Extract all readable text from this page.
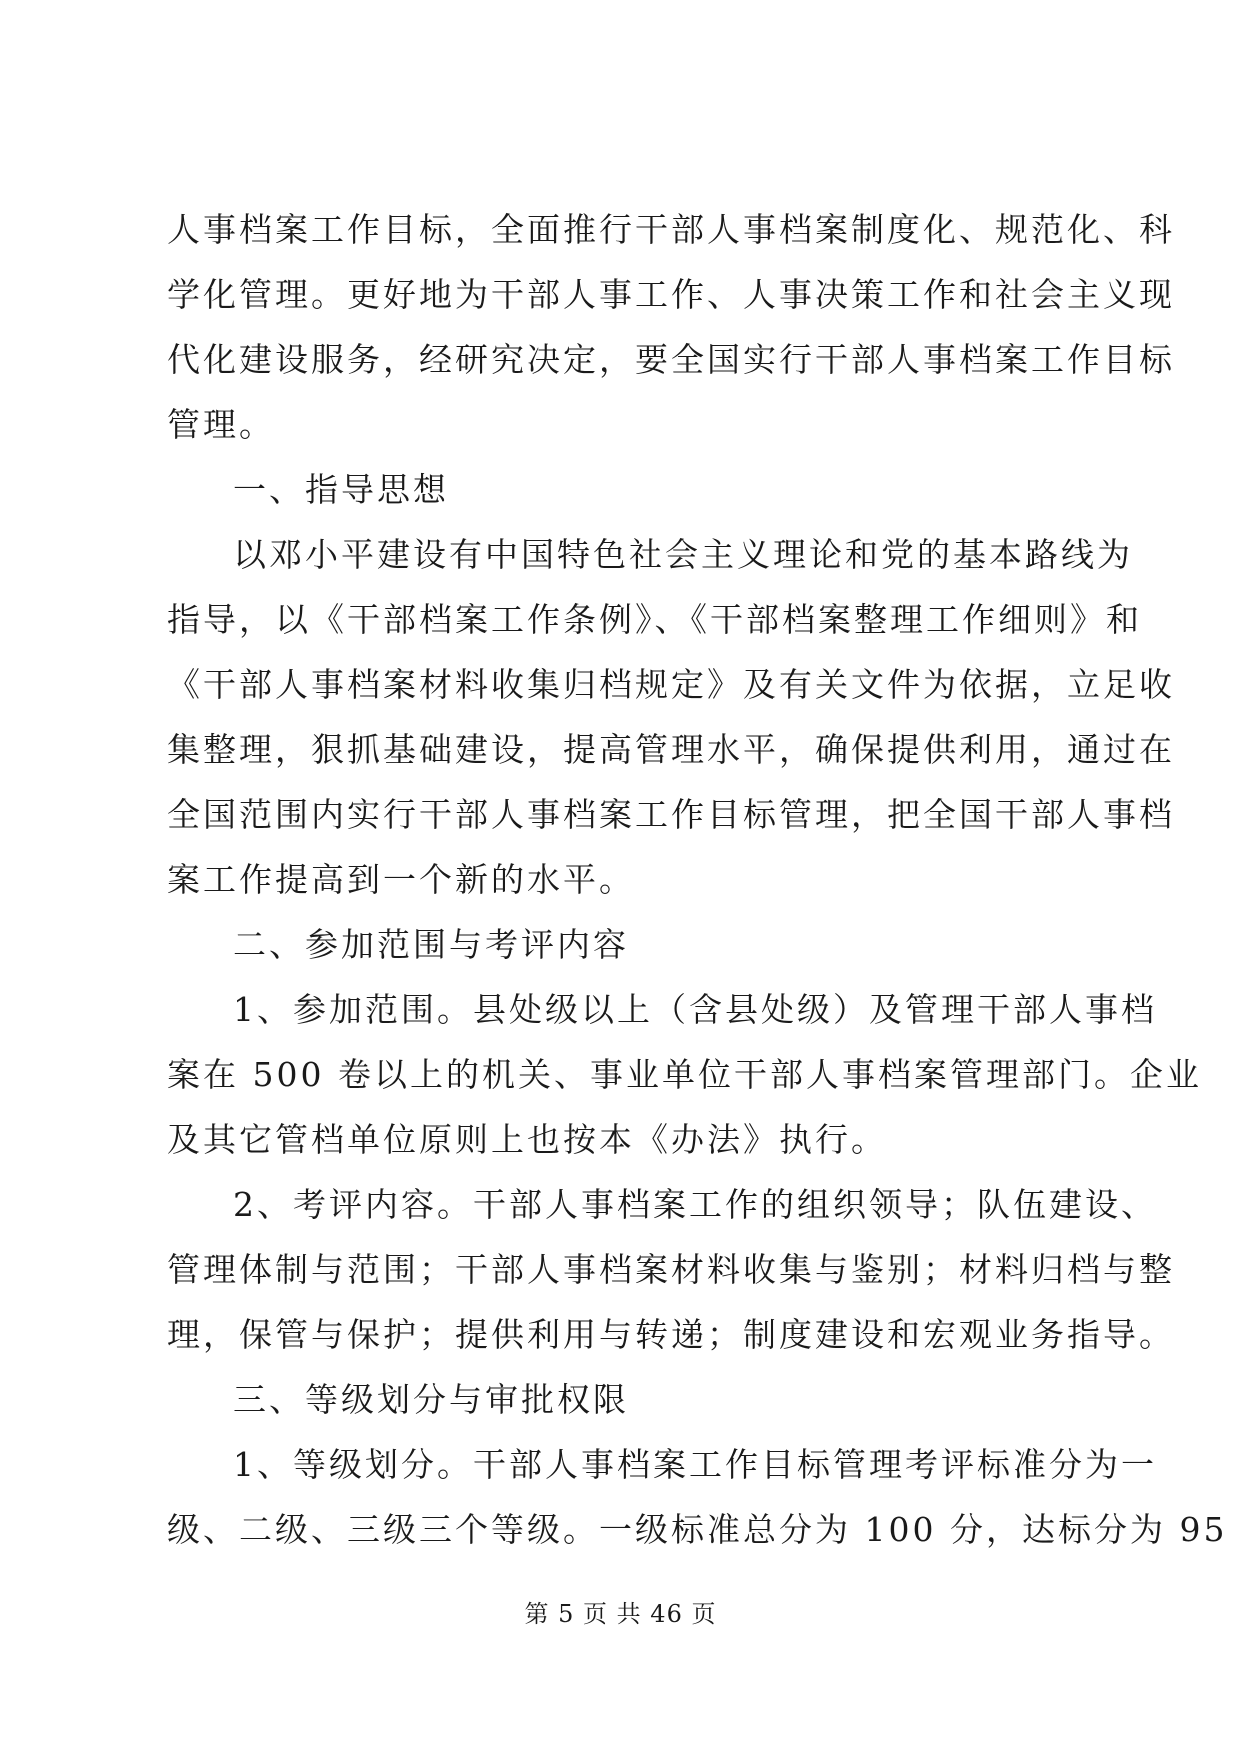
人事档案工作目标，全面推行干部人事档案制度化、规范化、科
学化管理。更好地为干部人事工作、人事决策工作和社会主义现
代化建设服务，经研究决定，要全国实行干部人事档案工作目标
管理。
一、指导思想
以邓小平建设有中国特色社会主义理论和党的基本路线为
指导，以《干部档案工作条例》、《干部档案整理工作细则》和
《干部人事档案材料收集归档规定》及有关文件为依据，立足收
集整理，狠抓基础建设，提高管理水平，确保提供利用，通过在
全国范围内实行干部人事档案工作目标管理，把全国干部人事档
案工作提高到一个新的水平。
二、参加范围与考评内容
1、参加范围。县处级以上（含县处级）及管理干部人事档
案在 500 卷以上的机关、事业单位干部人事档案管理部门。企业
及其它管档单位原则上也按本《办法》执行。
2、考评内容。干部人事档案工作的组织领导；队伍建设、
管理体制与范围；干部人事档案材料收集与鉴别；材料归档与整
理，保管与保护；提供利用与转递；制度建设和宏观业务指导。
三、等级划分与审批权限
1、等级划分。干部人事档案工作目标管理考评标准分为一
级、二级、三级三个等级。一级标准总分为 100 分，达标分为 95
第 5 页 共 46 页
